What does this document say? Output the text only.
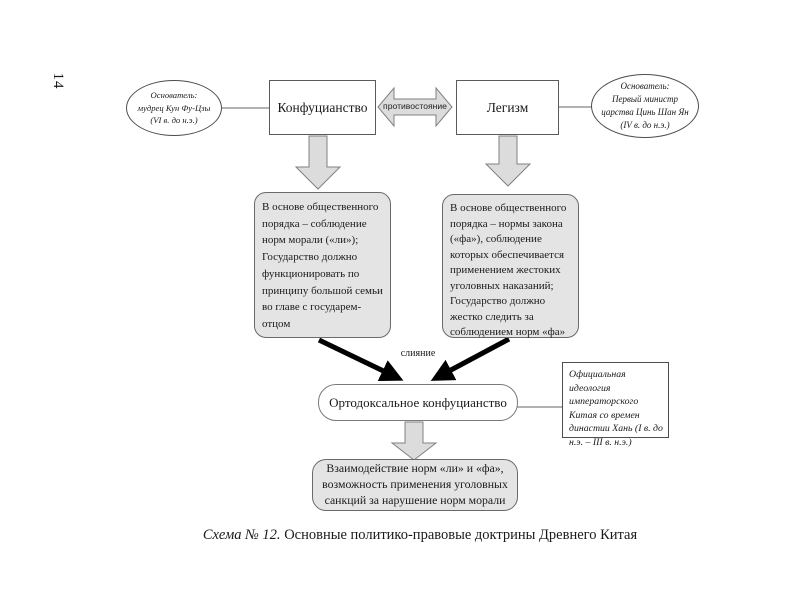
14
Основатель:
мудрец Кун Фу-Цзы
(VI в. до н.э.)
Основатель:
Первый министр
царства Цинь Шан Ян
(IV в. до н.э.)
Конфуцианство	Легизм
противостояние
В основе общественного порядка – соблюдение норм морали («ли»); Государство должно функционировать по принципу большой семьи во главе с государем-отцом
В основе общественного порядка – нормы закона («фа»), соблюдение которых обеспечивается применением жестоких уголовных наказаний; Государство должно жестко следить за соблюдением норм «фа»
слияние
Ортодоксальное конфуцианство
Официальная идеология императорского Китая со времен династии Хань (I в. до н.э. – III в. н.э.)
Взаимодействие норм «ли» и «фа», возможность применения уголовных санкций за нарушение норм морали
Схема № 12. Основные политико-правовые доктрины Древнего Китая
